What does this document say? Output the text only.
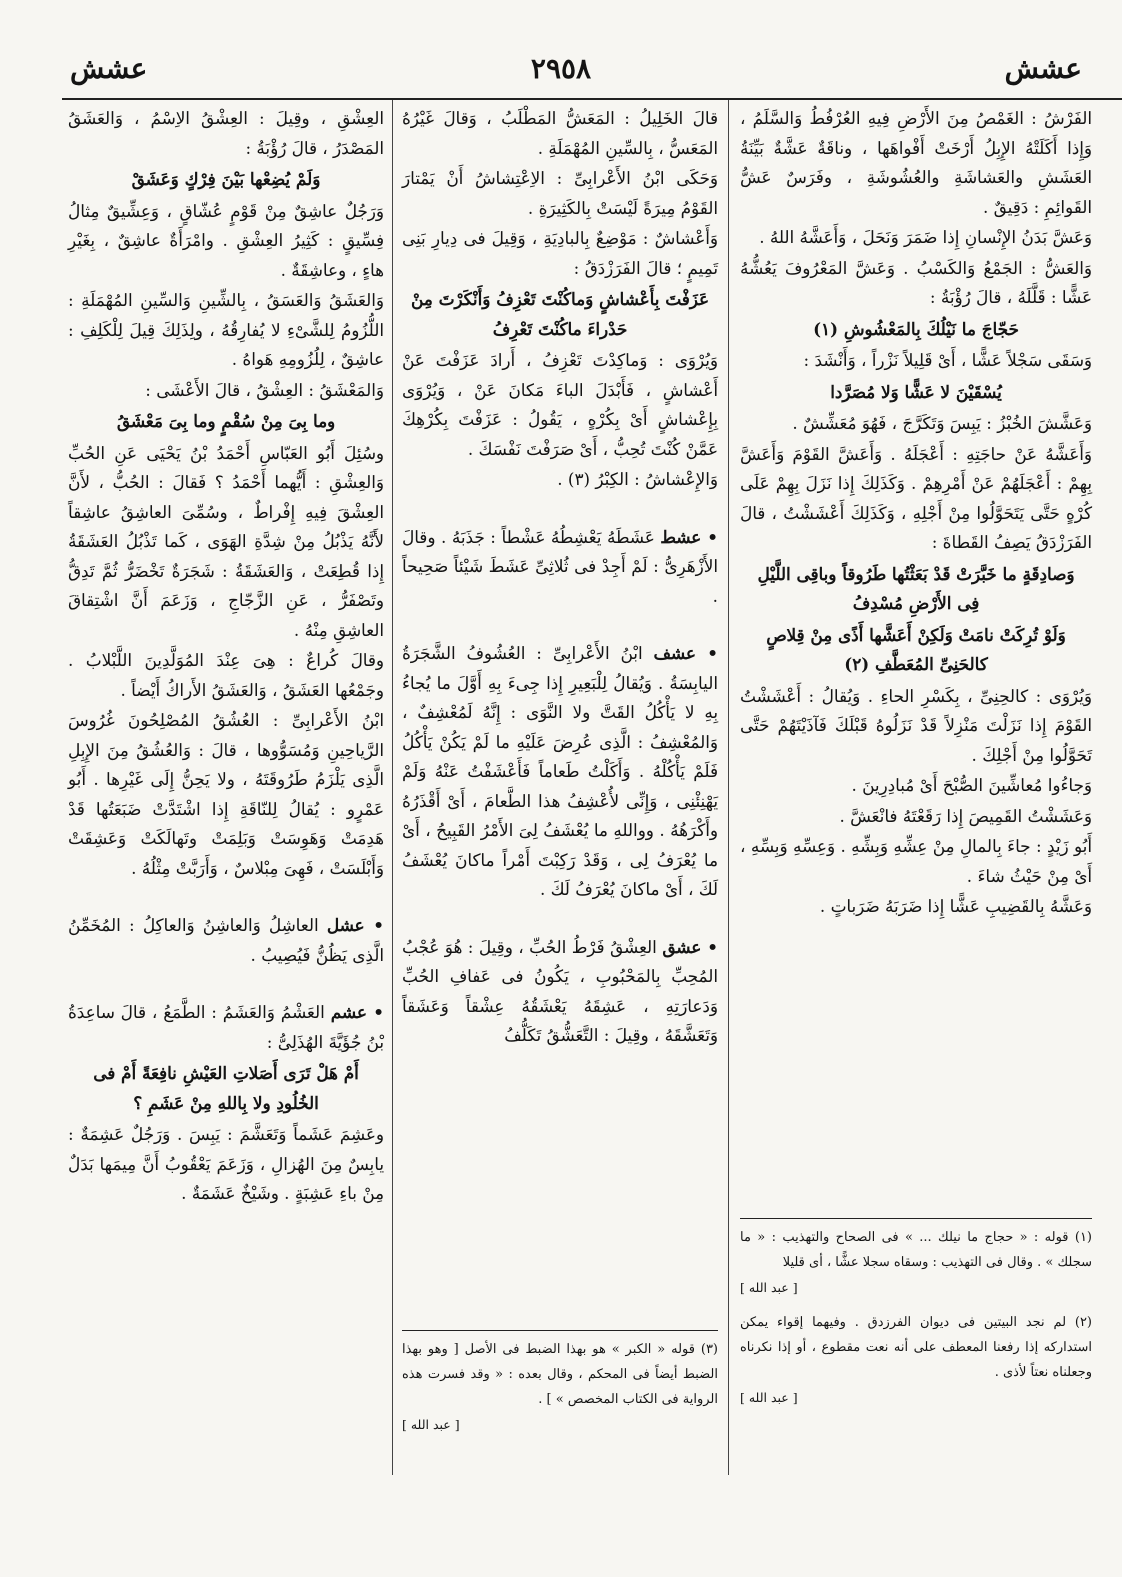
عشش
٢٩٥٨
عشش

الفَرْشُ : الغَمْصُ مِنَ الأَرْضِ فِيهِ العُرْفُطُ وَالسَّلَمُ ، وَإِذا أَكَلَتْهُ الإِبِلُ أَرْخَتْ أَفْواهَها ، وناقَةٌ عَشَّةٌ بَيِّنَةُ العَشَشِ والعَشاشَةِ والعُشُوشَةِ ، وفَرَسٌ عَشُّ القَوائِمِ : دَقِيقٌ .

وَعَشَّ بَدَنُ الإِنْسانِ إِذا ضَمَرَ وَنَحَلَ ، وَأَعَشَّهُ اللهُ .

وَالعَشُّ : الجَمْعُ وَالكَسْبُ . وَعَشَّ المَعْرُوفَ يَعُشُّهُ عَشًّا : قَلَّلَهُ ، قالَ رُؤْبَةُ :

حَجّاجَ ما نَيْلُكَ بِالمَعْشُوشِ (١)

وَسَقَى سَجْلاً عَشًّا ، أَىْ قَلِيلاً نَزْراً ، وَأَنْشَدَ :

يُسْقَيْنَ لا عَشًّا وَلا مُصَرَّدا

وَعَشَّشَ الخُبْزُ : يَبِسَ وَتَكَرَّجَ ، فَهُوَ مُعَشِّشٌ .

وَأَعَشَّهُ عَنْ حاجَتِهِ : أَعْجَلَهُ . وَأَعَشَّ القَوْمَ وَأَعَشَّ بِهِمْ : أَعْجَلَهُمْ عَنْ أَمْرِهِمْ . وَكَذَلِكَ إِذا نَزَلَ بِهِمْ عَلَى كُرْهٍ حَتَّى يَتَحَوَّلُوا مِنْ أَجْلِهِ ، وَكَذَلِكَ أَعْشَشْتُ ، قالَ الفَرَزْدَقُ يَصِفُ القَطاةَ :

وَصادِقَةٍ ما خَبَّرَتْ قَدْ بَعَثْتُها طَرُوقاً وباقِى اللَّيْلِ فِى الأَرْضِ مُسْدِفُ

وَلَوْ تُرِكَتْ نامَتْ وَلَكِنْ أَعَشَّها أَذًى مِنْ قِلاصٍ كالحَنِىِّ المُعَطَّفِ (٢)

وَيُرْوَى : كالحِنِىِّ ، بِكَسْرِ الحاءِ . وَيُقالُ : أَعْشَشْتُ القَوْمَ إِذا نَزَلْتَ مَنْزِلاً قَدْ نَزَلُوهُ قَبْلَكَ فَآذَيْتَهُمْ حَتَّى تَحَوَّلُوا مِنْ أَجْلِكَ .

وَجاءُوا مُعاشِّينَ الصُّبْحَ أَىْ مُبادِرِينَ .

وَعَشَشْتُ القَمِيصَ إِذا رَقَعْتَهُ فانْعَشَّ .

أَبُو زَيْدٍ : جاءَ بِالمالِ مِنْ عِشِّهِ وَبِشِّهِ . وَعِسِّهِ وَبِسِّهِ ، أَىْ مِنْ حَيْثُ شاءَ .

وَعَشَّهُ بِالقَضِيبِ عَشًّا إِذا ضَرَبَهُ ضَرَباتٍ .

قالَ الخَلِيلُ : المَعَشُّ المَطْلَبُ ، وَقالَ غَيْرُهُ المَعَسُّ ، بِالسِّينِ المُهْمَلَةِ .

وَحَكَى ابْنُ الأَعْرابِىِّ : الاِعْتِشاشُ أَنْ يَمْتارَ القَوْمُ مِيرَةً لَيْسَتْ بِالكَثِيرَةِ .

وَأَعْشاشٌ : مَوْضِعٌ بِالبادِيَةِ ، وَقِيلَ فى دِيارِ بَنِى تَمِيمٍ ؛ قالَ الفَرَزْدَقُ :

عَزَفْتَ بِأَعْشاشٍ وَماكُنْتَ تَعْزِفُ وَأَنْكَرْتَ مِنْ حَدْراءَ ماكُنْتَ تَعْرِفُ

وَيُرْوَى : وَماكِدْتَ تَعْزِفُ ، أَرادَ عَزَفْتَ عَنْ أَعْشاشٍ ، فَأَبْدَلَ الباءَ مَكانَ عَنْ ، وَيُرْوَى بِإِعْشاشٍ أَىْ بِكُرْهٍ ، يَقُولُ : عَزَفْتَ بِكُرْهِكَ عَمَّنْ كُنْتَ تُحِبُّ ، أَىْ صَرَفْتَ نَفْسَكَ .

وَالإِعْشاشُ : الكِبْرُ (٣) .

• عشط عَشَطَهُ يَعْشِطُهُ عَشْطاً : جَذَبَهُ . وقالَ الأَزْهَرِىُّ : لَمْ أَجِدْ فى ثُلاثِىِّ عَشَطَ شَيْئاً صَحِيحاً .
• عشف ابْنُ الأَعْرابِىِّ : العُشُوفُ الشَّجَرَةُ اليابِسَةُ . وَيُقالُ لِلْبَعِيرِ إِذا جِىءَ بِهِ أَوَّلَ ما يُجاءُ بِهِ لا يَأْكُلُ القَتَّ ولا النَّوَى : إِنَّهُ لَمُعْشِفٌ ، وَالمُعْشِفُ : الَّذِى عُرِضَ عَلَيْهِ ما لَمْ يَكُنْ يَأْكُلُ فَلَمْ يَأْكُلْهُ . وَأَكَلْتُ طَعاماً فَأَعْشَفْتُ عَنْهُ وَلَمْ يَهْنِئْنِى ، وَإِنِّى لأُعْشِفُ هذا الطَّعامَ ، أَىْ أَقْذَرُهُ وأَكْرَهُهُ . وواللهِ ما يُعْشَفُ لِىَ الأَمْرُ القَبِيحُ ، أَىْ ما يُعْرَفُ لِى ، وَقَدْ رَكِبْتَ أَمْراً ماكانَ يُعْشَفُ لَكَ ، أَىْ ماكانَ يُعْرَفُ لَكَ .
• عشق العِشْقُ فَرْطُ الحُبِّ ، وقِيلَ : هُوَ عُجْبُ المُحِبِّ بِالمَحْبُوبِ ، يَكُونُ فى عَفافِ الحُبِّ وَدَعارَتِهِ ، عَشِقَهُ يَعْشَقُهُ عِشْقاً وَعَشَقاً وَتَعَشَّقَهُ ، وقِيلَ : التَّعَشُّقُ تَكَلُّفُ

العِشْقِ ، وقِيلَ : العِشْقُ الاِسْمُ ، وَالعَشَقُ المَصْدَرُ ، قالَ رُؤْبَةُ :

وَلَمْ يُضِعْها بَيْنَ فِرْكٍ وَعَشَقْ

وَرَجُلٌ عاشِقٌ مِنْ قَوْمٍ عُشّاقٍ ، وَعِشِّيقٌ مِثالُ فِسِّيقٍ : كَثِيرُ العِشْقِ . وامْرَأَةٌ عاشِقٌ ، بِغَيْرِ هاءٍ ، وعاشِقَةٌ .

وَالعَشَقُ وَالعَسَقُ ، بِالشِّينِ وَالسِّينِ المُهْمَلَةِ : اللُّزُومُ لِلشَّىْءِ لا يُفارِقُهُ ، ولِذَلِكَ قِيلَ لِلْكَلِفِ : عاشِقٌ ، لِلُزُومِهِ هَواهُ .

وَالمَعْشَقُ : العِشْقُ ، قالَ الأَعْشَى :

وما بِىَ مِنْ سُقْمٍ وما بِىَ مَعْشَقُ

وسُئِلَ أَبُو العَبّاسِ أَحْمَدُ بْنُ يَحْيَى عَنِ الحُبِّ وَالعِشْقِ : أَيُّهما أَحْمَدُ ؟ فَقالَ : الحُبُّ ، لأَنَّ العِشْقَ فِيهِ إِفْراطٌ ، وسُمِّىَ العاشِقُ عاشِقاً لأَنَّهُ يَذْبُلُ مِنْ شِدَّةِ الهَوَى ، كَما تَذْبُلُ العَشَقَةُ إِذا قُطِعَتْ ، وَالعَشَقَةُ : شَجَرَةٌ تَخْضَرُّ ثُمَّ تَدِقُّ وتَصْفَرُّ ، عَنِ الزَّجّاجِ ، وَزَعَمَ أَنَّ اشْتِقاقَ العاشِقِ مِنْهُ .

وقالَ كُراعٌ : هِىَ عِنْدَ المُوَلَّدِينَ اللَّبْلابُ . وجَمْعُها العَشَقُ ، وَالعَشَقُ الأَراكُ أَيْضاً .

ابْنُ الأَعْرابِىِّ : العُشُقُ المُصْلِحُونَ غُرُوسَ الرَّياحِينِ وَمُسَوُّوها ، قالَ : وَالعُشُقُ مِنَ الإِبِلِ الَّذِى يَلْزَمُ طَرُوقَتَهُ ، ولا يَحِنُّ إِلَى غَيْرِها . أَبُو عَمْرٍو : يُقالُ لِلنّاقَةِ إِذا اشْتَدَّتْ ضَبَعَتُها قَدْ هَدِمَتْ وَهَوِسَتْ وَبَلِمَتْ وتَهالَكَتْ وَعَشِقَتْ وَأَبْلَسَتْ ، فَهِىَ مِبْلاسٌ ، وَأَرَبَّتْ مِثْلُهُ .

• عشل العاشِلُ وَالعاشِنُ وَالعاكِلُ : المُخَمِّنُ الَّذِى يَظُنُّ فَيُصِيبُ .
• عشم العَشْمُ وَالعَشَمُ : الطَّمَعُ ، قالَ ساعِدَةُ بْنُ جُؤَيَّةَ الهُذَلِىُّ :

أَمْ هَلْ تَرَى أَصَلاتِ العَيْشِ نافِعَةً أَمْ فى الخُلُودِ ولا بِاللهِ مِنْ عَشَمِ ؟

وعَشِمَ عَشَماً وَتَعَشَّمَ : يَبِسَ . وَرَجُلٌ عَشِمَةٌ : يابِسٌ مِنَ الهُزالِ ، وَزَعَمَ يَعْقُوبُ أَنَّ مِيمَها بَدَلٌ مِنْ باءِ عَشِبَةٍ . وشَيْخٌ عَشَمَةٌ .

(١) قوله : « حجاج ما نيلك ... » فى الصحاح والتهذيب : « ما سجلك » . وقال فى التهذيب : وسقاه سجلا عشًّا ، أى قليلا

[ عبد الله ]

(٢) لم نجد البيتين فى ديوان الفرزدق . وفيهما إقواء يمكن استداركه إذا رفعنا المعطف على أنه نعت مقطوع ، أو إذا نكرناه وجعلناه نعتاً لأذى .

[ عبد الله ]

(٣) قوله « الكبر » هو بهذا الضبط فى الأصل [ وهو بهذا الضبط أيضاً فى المحكم ، وقال بعده : « وقد فسرت هذه الرواية فى الكتاب المخصص » ] .

[ عبد الله ]
